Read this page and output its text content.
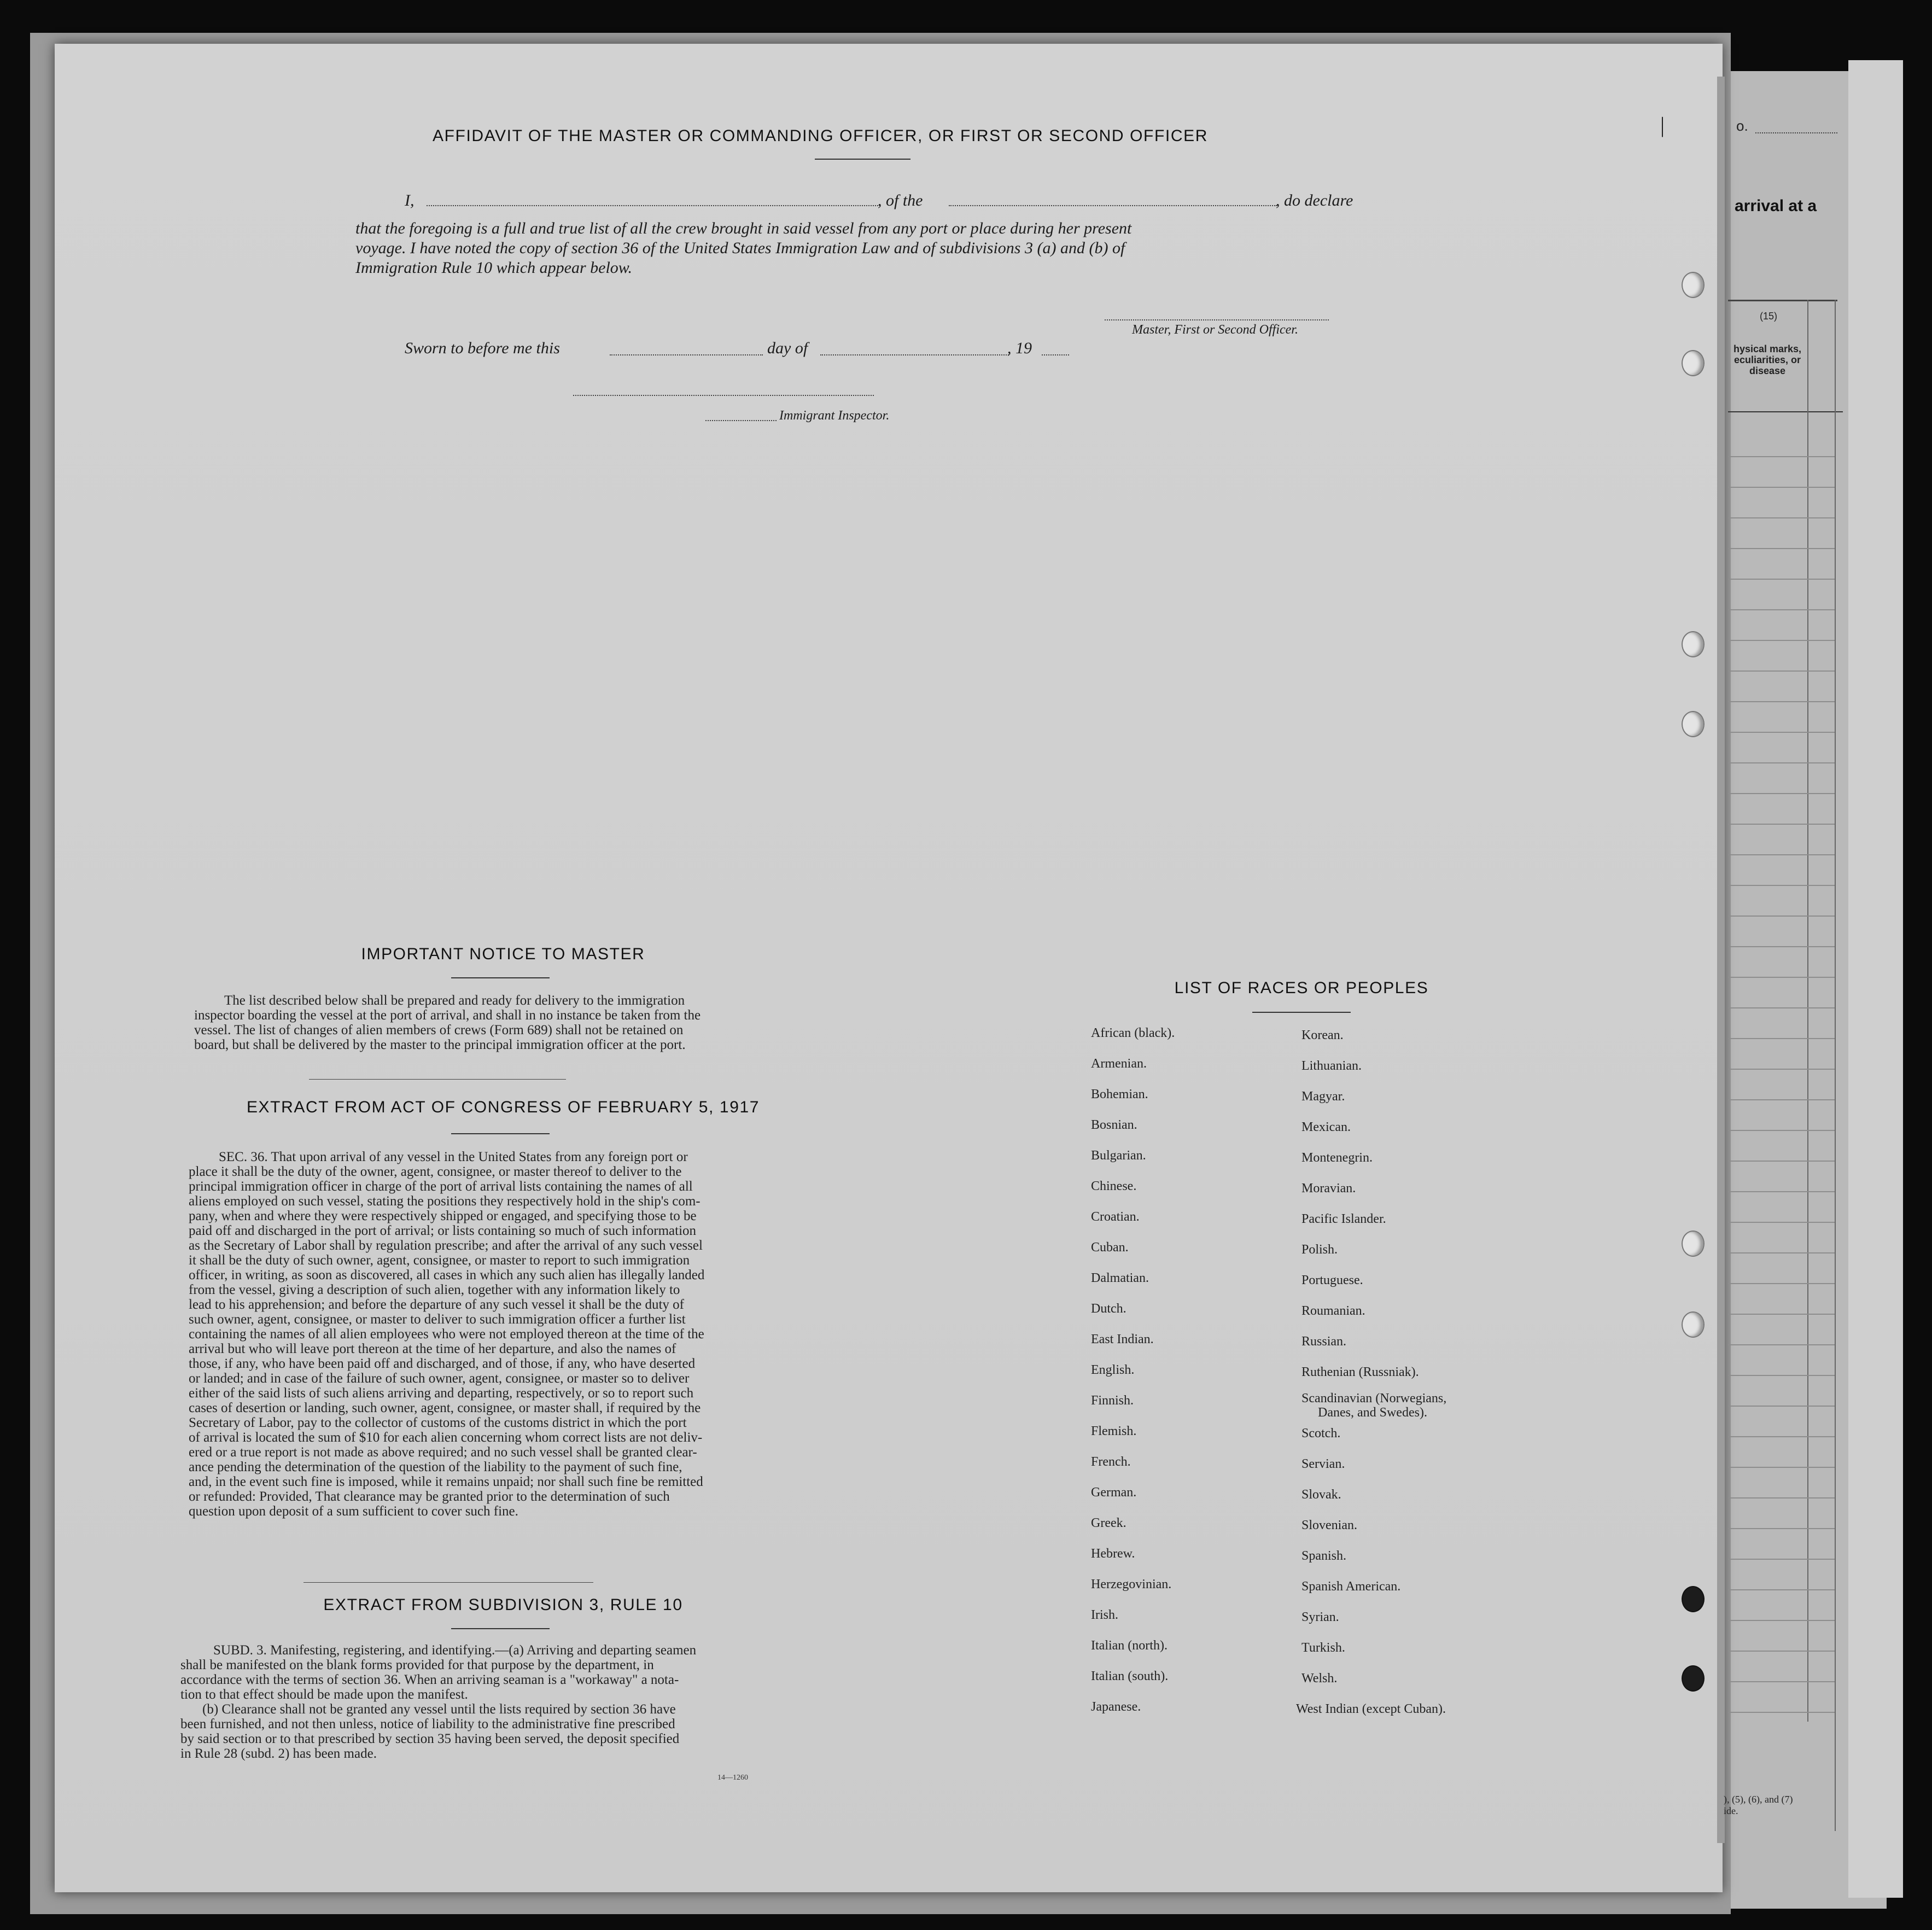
o.
arrival at a
(15)
hysical marks,
eculiarities, or
disease
), (5), (6), and (7)
ide.
|
AFFIDAVIT OF THE MASTER OR COMMANDING OFFICER, OR FIRST OR SECOND OFFICER
I,	, of the	, do declare
that the foregoing is a full and true list of all the crew brought in said vessel from any port or place during her present
voyage. I have noted the copy of section 36 of the United States Immigration Law and of subdivisions 3 (a) and (b) of
Immigration Rule 10 which appear below.
Master, First or Second Officer.
Sworn to before me this	day of	, 19
Immigrant Inspector.
IMPORTANT NOTICE TO MASTER
The list described below shall be prepared and ready for delivery to the immigration
inspector boarding the vessel at the port of arrival, and shall in no instance be taken from the
vessel. The list of changes of alien members of crews (Form 689) shall not be retained on
board, but shall be delivered by the master to the principal immigration officer at the port.
EXTRACT FROM ACT OF CONGRESS OF FEBRUARY 5, 1917
SEC. 36. That upon arrival of any vessel in the United States from any foreign port or
place it shall be the duty of the owner, agent, consignee, or master thereof to deliver to the
principal immigration officer in charge of the port of arrival lists containing the names of all
aliens employed on such vessel, stating the positions they respectively hold in the ship's com-
pany, when and where they were respectively shipped or engaged, and specifying those to be
paid off and discharged in the port of arrival; or lists containing so much of such information
as the Secretary of Labor shall by regulation prescribe; and after the arrival of any such vessel
it shall be the duty of such owner, agent, consignee, or master to report to such immigration
officer, in writing, as soon as discovered, all cases in which any such alien has illegally landed
from the vessel, giving a description of such alien, together with any information likely to
lead to his apprehension; and before the departure of any such vessel it shall be the duty of
such owner, agent, consignee, or master to deliver to such immigration officer a further list
containing the names of all alien employees who were not employed thereon at the time of the
arrival but who will leave port thereon at the time of her departure, and also the names of
those, if any, who have been paid off and discharged, and of those, if any, who have deserted
or landed; and in case of the failure of such owner, agent, consignee, or master so to deliver
either of the said lists of such aliens arriving and departing, respectively, or so to report such
cases of desertion or landing, such owner, agent, consignee, or master shall, if required by the
Secretary of Labor, pay to the collector of customs of the customs district in which the port
of arrival is located the sum of $10 for each alien concerning whom correct lists are not deliv-
ered or a true report is not made as above required; and no such vessel shall be granted clear-
ance pending the determination of the question of the liability to the payment of such fine,
and, in the event such fine is imposed, while it remains unpaid; nor shall such fine be remitted
or refunded: Provided, That clearance may be granted prior to the determination of such
question upon deposit of a sum sufficient to cover such fine.
EXTRACT FROM SUBDIVISION 3, RULE 10
SUBD. 3. Manifesting, registering, and identifying.—(a) Arriving and departing seamen
shall be manifested on the blank forms provided for that purpose by the department, in
accordance with the terms of section 36. When an arriving seaman is a "workaway" a nota-
tion to that effect should be made upon the manifest.
(b) Clearance shall not be granted any vessel until the lists required by section 36 have
been furnished, and not then unless, notice of liability to the administrative fine prescribed
by said section or to that prescribed by section 35 having been served, the deposit specified
in Rule 28 (subd. 2) has been made.
14—1260
LIST OF RACES OR PEOPLES
African (black).
Armenian.
Bohemian.
Bosnian.
Bulgarian.
Chinese.
Croatian.
Cuban.
Dalmatian.
Dutch.
East Indian.
English.
Finnish.
Flemish.
French.
German.
Greek.
Hebrew.
Herzegovinian.
Irish.
Italian (north).
Italian (south).
Japanese.
Korean.
Lithuanian.
Magyar.
Mexican.
Montenegrin.
Moravian.
Pacific Islander.
Polish.
Portuguese.
Roumanian.
Russian.
Ruthenian (Russniak).
Scandinavian (Norwegians,
Danes, and Swedes).
Scotch.
Servian.
Slovak.
Slovenian.
Spanish.
Spanish American.
Syrian.
Turkish.
Welsh.
West Indian (except Cuban).
